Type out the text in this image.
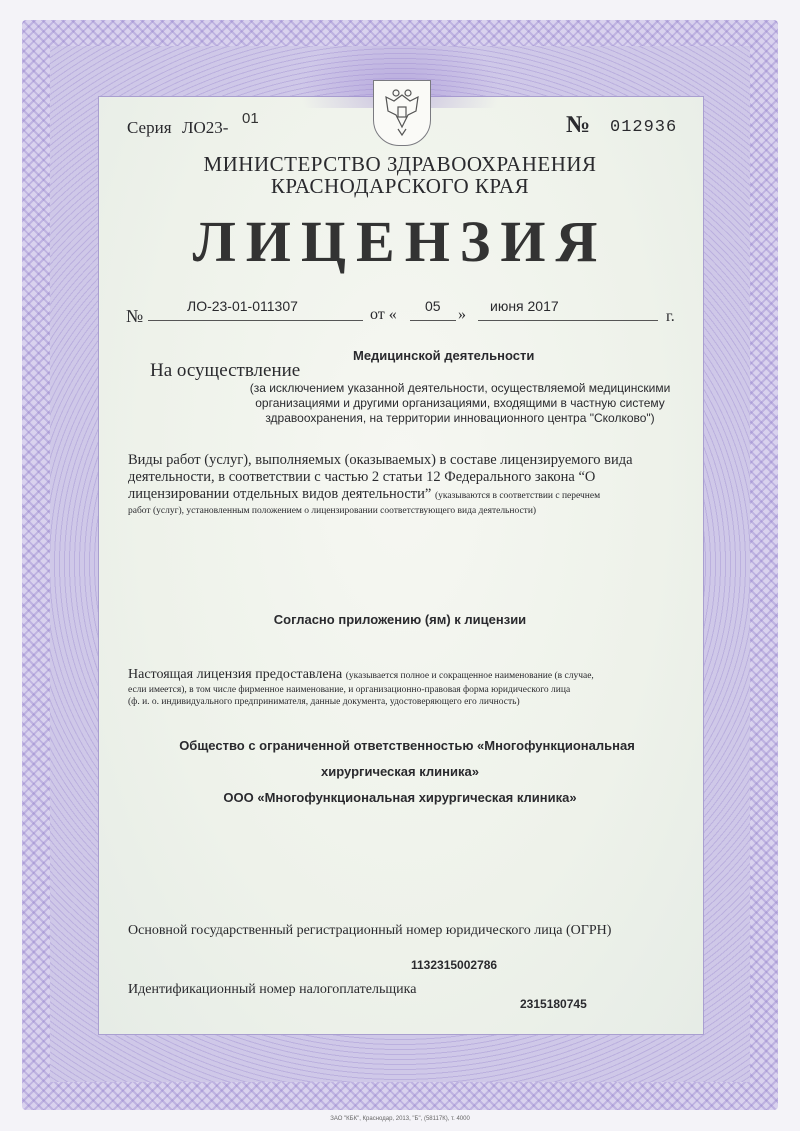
Серия ЛО23- 01	№ 012936
МИНИСТЕРСТВО ЗДРАВООХРАНЕНИЯ
КРАСНОДАРСКОГО КРАЯ
ЛИЦЕНЗИЯ
№	ЛО-23-01-011307	от « 05 » июня 2017
г.
Медицинской деятельности
На осуществление
(за исключением указанной деятельности, осуществляемой медицинскими
организациями и другими организациями, входящими в частную систему
здравоохранения, на территории инновационного центра "Сколково")
Виды работ (услуг), выполняемых (оказываемых) в составе лицензируемого вида
деятельности, в соответствии с частью 2 статьи 12 Федерального закона “О
лицензировании отдельных видов деятельности” (указываются в соответствии с перечнем
работ (услуг), установленным положением о лицензировании соответствующего вида деятельности)
Согласно приложению (ям) к лицензии
Настоящая лицензия предоставлена (указывается полное и сокращенное наименование (в случае,
если имеется), в том числе фирменное наименование, и организационно-правовая форма юридического лица
(ф. и. о. индивидуального предпринимателя, данные документа, удостоверяющего его личность)
Общество с ограниченной ответственностью «Многофункциональная
хирургическая клиника»
ООО «Многофункциональная хирургическая клиника»
Основной государственный регистрационный номер юридического лица (ОГРН)
1132315002786
Идентификационный номер налогоплательщика
2315180745
ЗАО "КБК", Краснодар, 2013, "Б", (58117К), т. 4000
